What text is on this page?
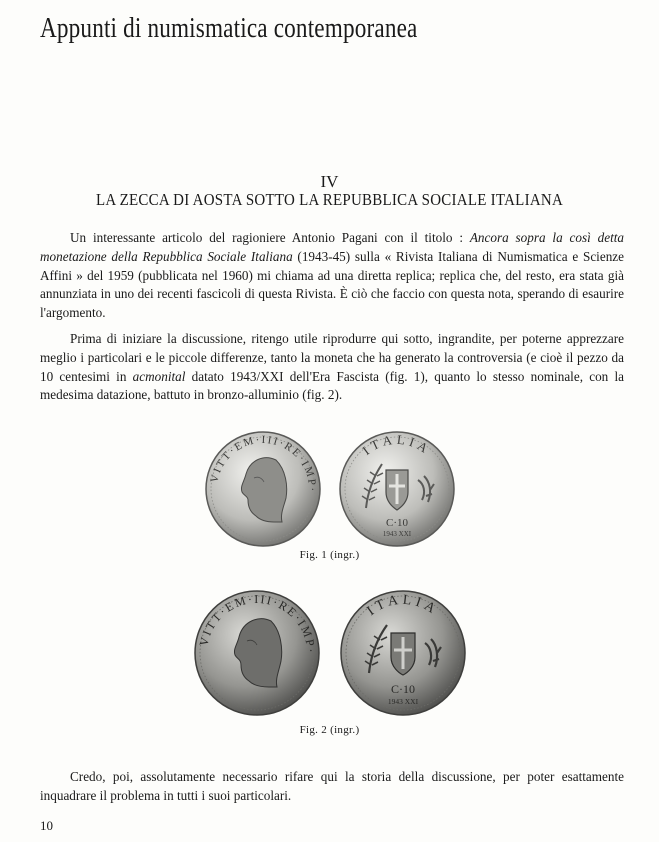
Appunti di numismatica contemporanea
IV
LA ZECCA DI AOSTA SOTTO LA REPUBBLICA SOCIALE ITALIANA

Un interessante articolo del ragioniere Antonio Pagani con il titolo : Ancora sopra la così detta monetazione della Repubblica Sociale Italiana (1943-45) sulla « Rivista Italiana di Numismatica e Scienze Affini » del 1959 (pubblicata nel 1960) mi chiama ad una diretta replica; replica che, del resto, era stata già annunziata in uno dei recenti fascicoli di questa Rivista. È ciò che faccio con questa nota, sperando di esaurire l'argomento.

Prima di iniziare la discussione, ritengo utile riprodurre qui sotto, ingrandite, per poterne apprezzare meglio i particolari e le piccole differenze, tanto la moneta che ha generato la controversia (e cioè il pezzo da 10 centesimi in acmonital datato 1943/XXI dell'Era Fascista (fig. 1), quanto lo stesso nominale, con la medesima datazione, battuto in bronzo-alluminio (fig. 2).

VITT·EM·III·RE·IMP·
ITALIA
C·10
1943 XXI
Fig. 1 (ingr.)
VITT·EM·III·RE·IMP·
ITALIA
C·10
1943 XXI
Fig. 2 (ingr.)

Credo, poi, assolutamente necessario rifare qui la storia della discussione, per poter esattamente inquadrare il problema in tutti i suoi particolari.

10
